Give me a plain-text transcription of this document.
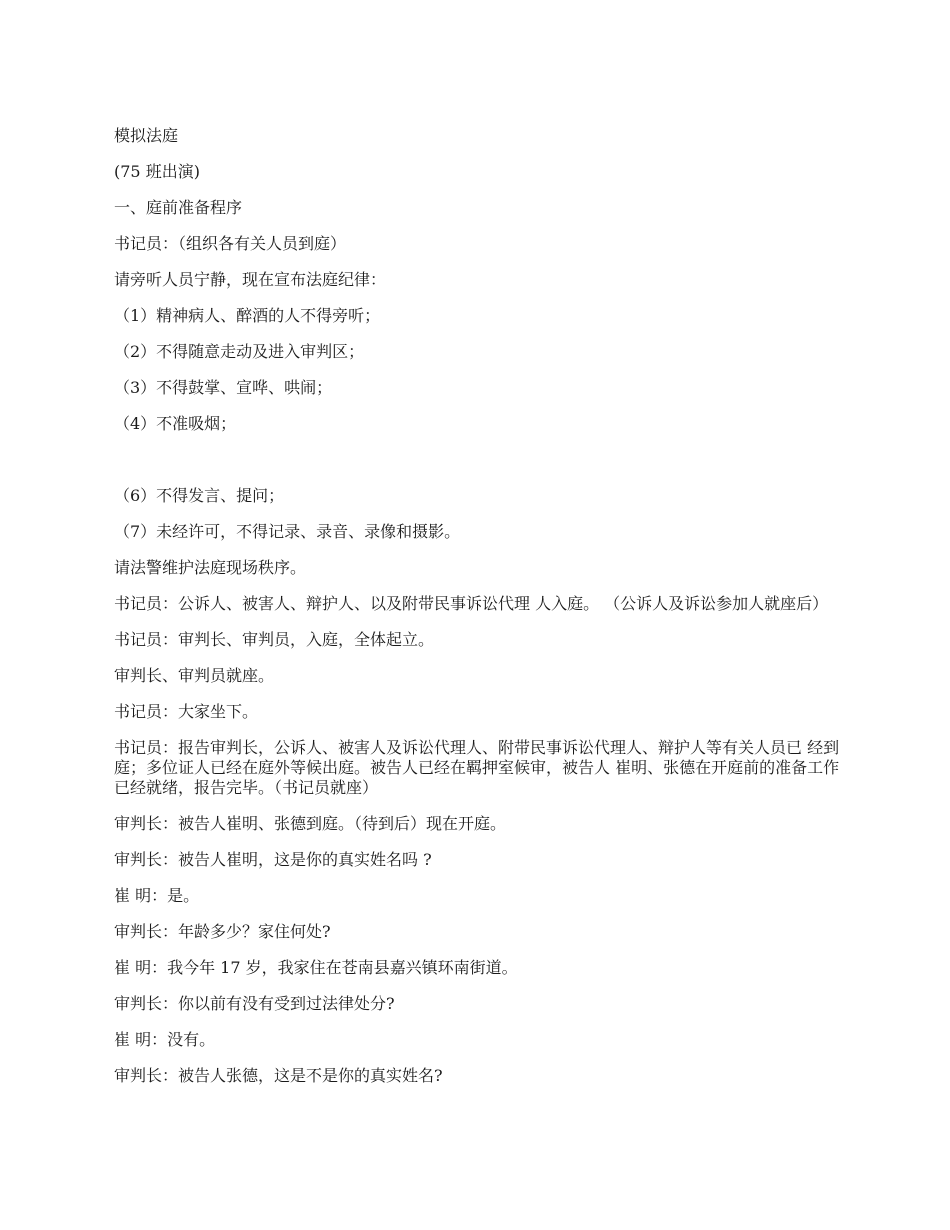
模拟法庭

(75 班出演)

一、庭前准备程序

书记员：（组织各有关人员到庭）

请旁听人员宁静，现在宣布法庭纪律：

（1）精神病人、醉酒的人不得旁听；

（2）不得随意走动及进入审判区；

（3）不得鼓掌、宣哗、哄闹；

（4）不准吸烟；

（6）不得发言、提问；

（7）未经许可，不得记录、录音、录像和摄影。

请法警维护法庭现场秩序。

书记员：公诉人、被害人、辩护人、以及附带民事诉讼代理 人入庭。 （公诉人及诉讼参加人就座后）

书记员：审判长、审判员，入庭，全体起立。

审判长、审判员就座。

书记员：大家坐下。

书记员：报告审判长，公诉人、被害人及诉讼代理人、附带民事诉讼代理人、辩护人等有关人员已 经到庭；多位证人已经在庭外等候出庭。被告人已经在羁押室候审，被告人 崔明、张德在开庭前的准备工作已经就绪，报告完毕。（书记员就座）

审判长：被告人崔明、张德到庭。（待到后）现在开庭。

审判长：被告人崔明，这是你的真实姓名吗 ?

崔 明：是。

审判长：年龄多少？家住何处?

崔 明：我今年 17 岁，我家住在苍南县嘉兴镇环南街道。

审判长：你以前有没有受到过法律处分?

崔 明：没有。

审判长：被告人张德，这是不是你的真实姓名?
